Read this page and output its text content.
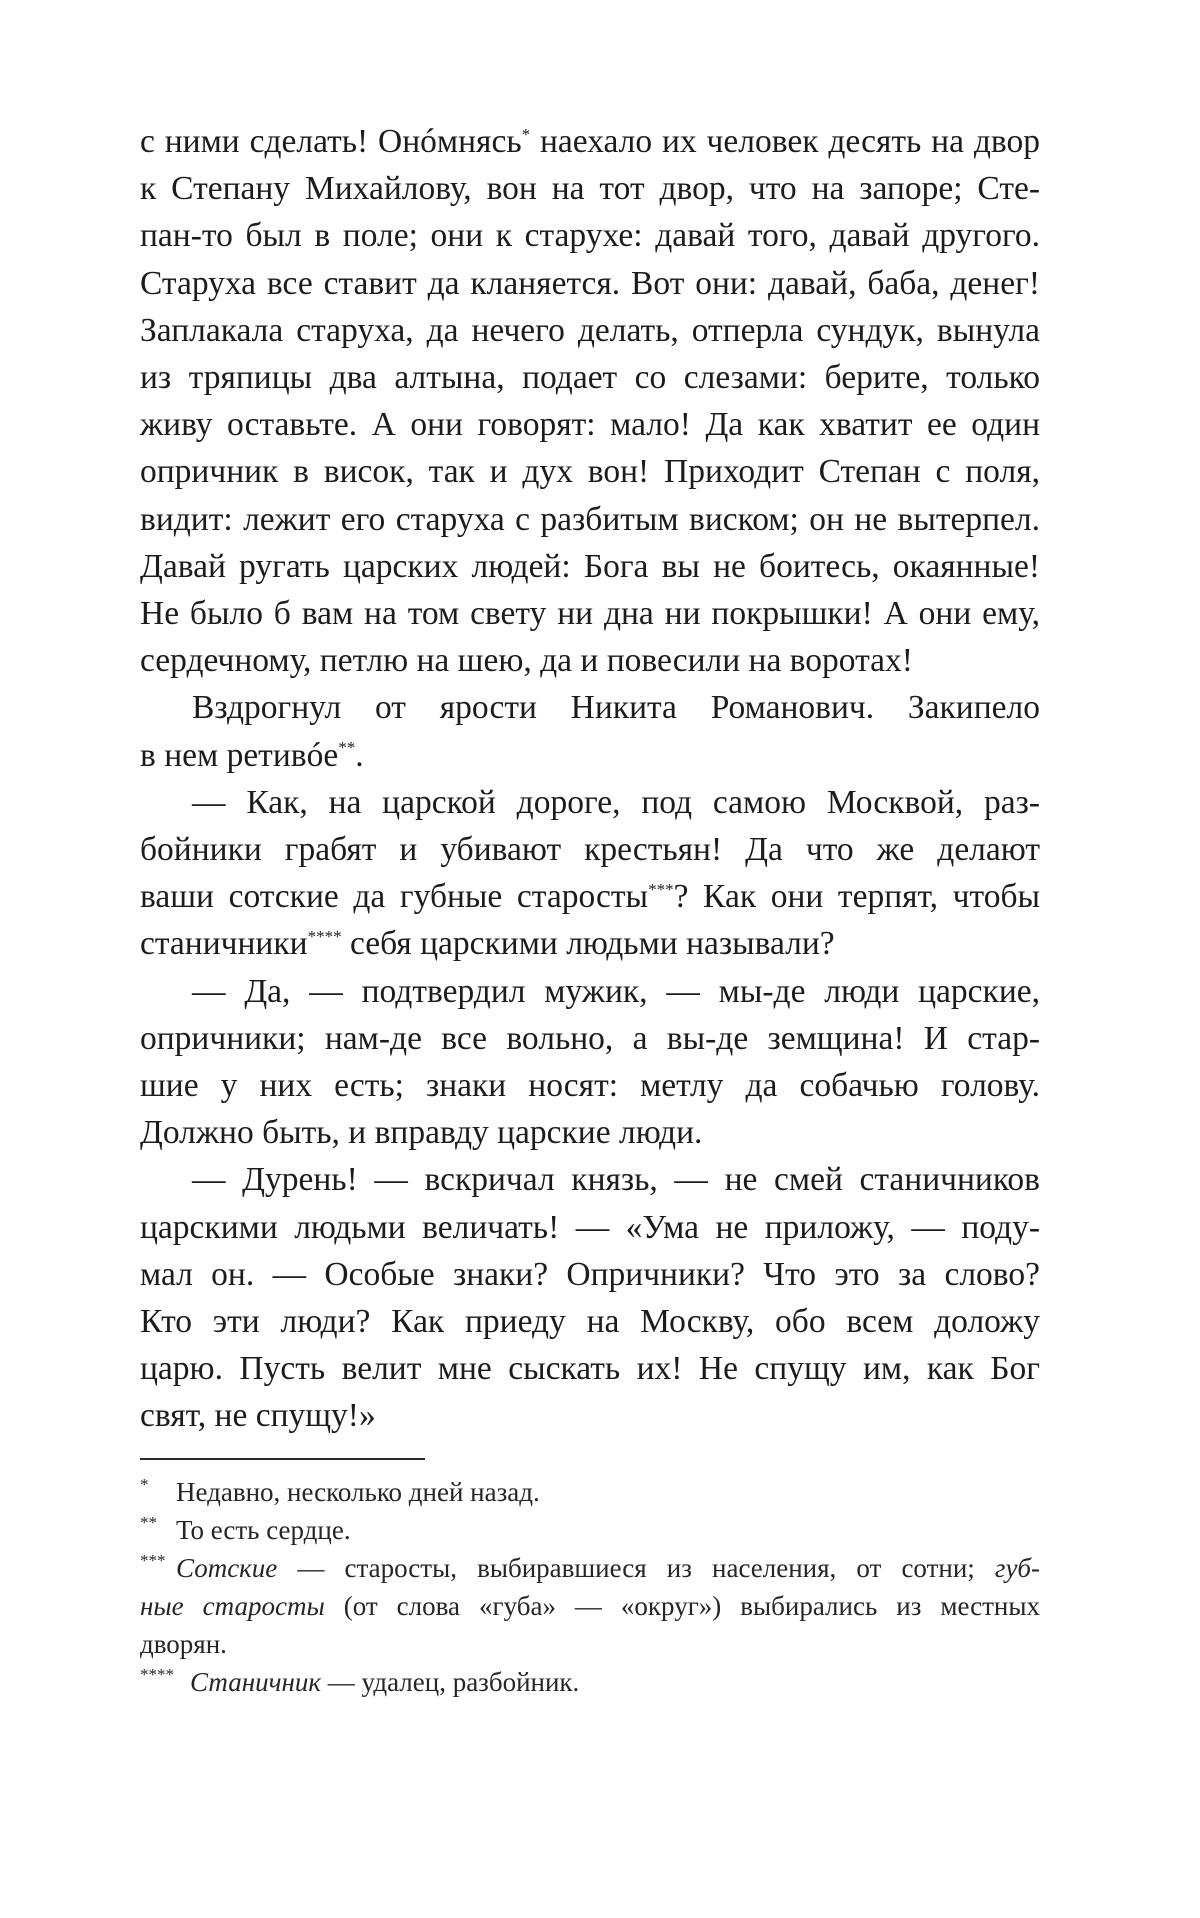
с ними сделать! Онóмнясь* наехало их человек десять на двор
к Степану Михайлову, вон на тот двор, что на запоре; Сте-
пан-то был в поле; они к старухе: давай того, давай другого.
Старуха все ставит да кланяется. Вот они: давай, баба, денег!
Заплакала старуха, да нечего делать, отперла сундук, вынула
из тряпицы два алтына, подает со слезами: берите, только
живу оставьте. А они говорят: мало! Да как хватит ее один
опричник в висок, так и дух вон! Приходит Степан с поля,
видит: лежит его старуха с разбитым виском; он не вытерпел.
Давай ругать царских людей: Бога вы не боитесь, окаянные!
Не было б вам на том свету ни дна ни покрышки! А они ему,
сердечному, петлю на шею, да и повесили на воротах!
Вздрогнул от ярости Никита Романович. Закипело
в нем ретивóе**.
— Как, на царской дороге, под самою Москвой, раз-
бойники грабят и убивают крестьян! Да что же делают
ваши сотские да губные старосты***? Как они терпят, чтобы
станичники**** себя царскими людьми называли?
— Да, — подтвердил мужик, — мы-де люди царские,
опричники; нам-де все вольно, а вы-де земщина! И стар-
шие у них есть; знаки носят: метлу да собачью голову.
Должно быть, и вправду царские люди.
— Дурень! — вскричал князь, — не смей станичников
царскими людьми величать! — «Ума не приложу, — поду-
мал он. — Особые знаки? Опричники? Что это за слово?
Кто эти люди? Как приеду на Москву, обо всем доложу
царю. Пусть велит мне сыскать их! Не спущу им, как Бог
свят, не спущу!»
* Недавно, несколько дней назад.
** То есть сердце.
*** Сотские — старосты, выбиравшиеся из населения, от сотни; губ-
ные старосты (от слова «губа» — «округ») выбирались из местных
дворян.
**** Станичник — удалец, разбойник.
